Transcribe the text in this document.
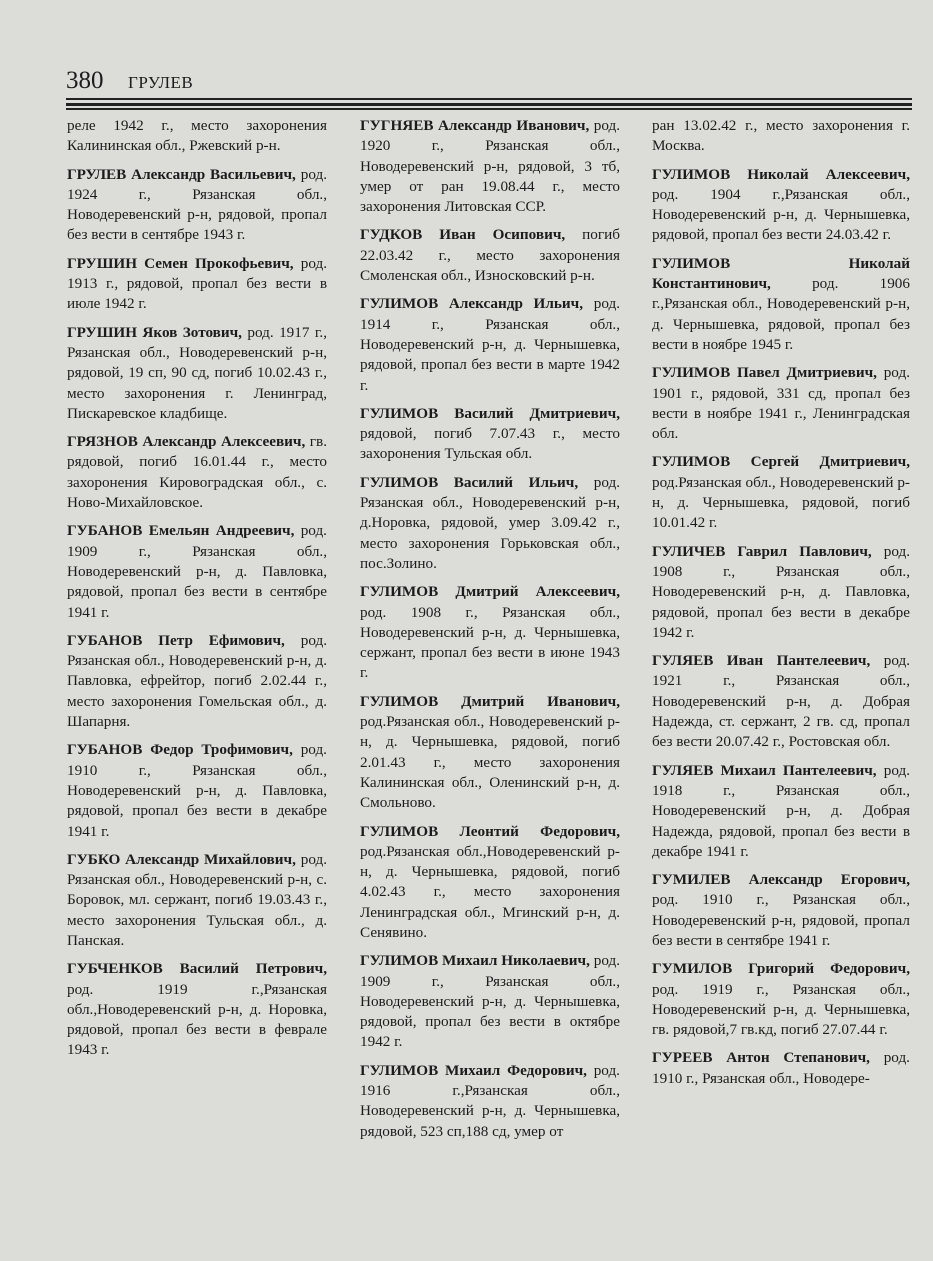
380 ГРУЛЕВ

реле 1942 г., место захоронения Калининская обл., Ржевский р-н.

ГРУЛЕВ Александр Васильевич, род. 1924 г., Рязанская обл., Новодеревенский р-н, рядовой, пропал без вести в сентябре 1943 г.

ГРУШИН Семен Прокофьевич, род. 1913 г., рядовой, пропал без вести в июле 1942 г.

ГРУШИН Яков Зотович, род. 1917 г., Рязанская обл., Новодеревенский р-н, рядовой, 19 сп, 90 сд, погиб 10.02.43 г., место захоронения г. Ленинград, Пискаревское кладбище.

ГРЯЗНОВ Александр Алексеевич, гв. рядовой, погиб 16.01.44 г., место захоронения Кировоградская обл., с. Ново-Михайловское.

ГУБАНОВ Емельян Андреевич, род. 1909 г., Рязанская обл., Новодеревенский р-н, д. Павловка, рядовой, пропал без вести в сентябре 1941 г.

ГУБАНОВ Петр Ефимович, род. Рязанская обл., Новодеревенский р-н, д. Павловка, ефрейтор, погиб 2.02.44 г., место захоронения Гомельская обл., д. Шапарня.

ГУБАНОВ Федор Трофимович, род. 1910 г., Рязанская обл., Новодеревенский р-н, д. Павловка, рядовой, пропал без вести в декабре 1941 г.

ГУБКО Александр Михайлович, род. Рязанская обл., Новодеревенский р-н, с. Боровок, мл. сержант, погиб 19.03.43 г., место захоронения Тульская обл., д. Панская.

ГУБЧЕНКОВ Василий Петрович, род. 1919 г.,Рязанская обл.,Новодеревенский р-н, д. Норовка, рядовой, пропал без вести в феврале 1943 г.

ГУГНЯЕВ Александр Иванович, род. 1920 г., Рязанская обл., Новодеревенский р-н, рядовой, 3 тб, умер от ран 19.08.44 г., место захоронения Литовская ССР.

ГУДКОВ Иван Осипович, погиб 22.03.42 г., место захоронения Смоленская обл., Износковский р-н.

ГУЛИМОВ Александр Ильич, род. 1914 г., Рязанская обл., Новодеревенский р-н, д. Чернышевка, рядовой, пропал без вести в марте 1942 г.

ГУЛИМОВ Василий Дмитриевич, рядовой, погиб 7.07.43 г., место захоронения Тульская обл.

ГУЛИМОВ Василий Ильич, род. Рязанская обл., Новодеревенский р-н, д.Норовка, рядовой, умер 3.09.42 г., место захоронения Горьковская обл., пос.Золино.

ГУЛИМОВ Дмитрий Алексеевич, род. 1908 г., Рязанская обл., Новодеревенский р-н, д. Чернышевка, сержант, пропал без вести в июне 1943 г.

ГУЛИМОВ Дмитрий Иванович, род.Рязанская обл., Новодеревенский р-н, д. Чернышевка, рядовой, погиб 2.01.43 г., место захоронения Калининская обл., Оленинский р-н, д. Смольново.

ГУЛИМОВ Леонтий Федорович, род.Рязанская обл.,Новодеревенский р-н, д. Чернышевка, рядовой, погиб 4.02.43 г., место захоронения Ленинградская обл., Мгинский р-н, д. Сенявино.

ГУЛИМОВ Михаил Николаевич, род. 1909 г., Рязанская обл., Новодеревенский р-н, д. Чернышевка, рядовой, пропал без вести в октябре 1942 г.

ГУЛИМОВ Михаил Федорович, род. 1916 г.,Рязанская обл., Новодеревенский р-н, д. Чернышевка, рядовой, 523 сп,188 сд, умер от

ран 13.02.42 г., место захоронения г. Москва.

ГУЛИМОВ Николай Алексеевич, род. 1904 г.,Рязанская обл., Новодеревенский р-н, д. Чернышевка, рядовой, пропал без вести 24.03.42 г.

ГУЛИМОВ Николай Константинович, род. 1906 г.,Рязанская обл., Новодеревенский р-н, д. Чернышевка, рядовой, пропал без вести в ноябре 1945 г.

ГУЛИМОВ Павел Дмитриевич, род. 1901 г., рядовой, 331 сд, пропал без вести в ноябре 1941 г., Ленинградская обл.

ГУЛИМОВ Сергей Дмитриевич, род.Рязанская обл., Новодеревенский р-н, д. Чернышевка, рядовой, погиб 10.01.42 г.

ГУЛИЧЕВ Гаврил Павлович, род. 1908 г., Рязанская обл., Новодеревенский р-н, д. Павловка, рядовой, пропал без вести в декабре 1942 г.

ГУЛЯЕВ Иван Пантелеевич, род. 1921 г., Рязанская обл., Новодеревенский р-н, д. Добрая Надежда, ст. сержант, 2 гв. сд, пропал без вести 20.07.42 г., Ростовская обл.

ГУЛЯЕВ Михаил Пантелеевич, род. 1918 г., Рязанская обл., Новодеревенский р-н, д. Добрая Надежда, рядовой, пропал без вести в декабре 1941 г.

ГУМИЛЕВ Александр Егорович, род. 1910 г., Рязанская обл., Новодеревенский р-н, рядовой, пропал без вести в сентябре 1941 г.

ГУМИЛОВ Григорий Федорович, род. 1919 г., Рязанская обл., Новодеревенский р-н, д. Чернышевка, гв. рядовой,7 гв.кд, погиб 27.07.44 г.

ГУРЕЕВ Антон Степанович, род. 1910 г., Рязанская обл., Новодере-
